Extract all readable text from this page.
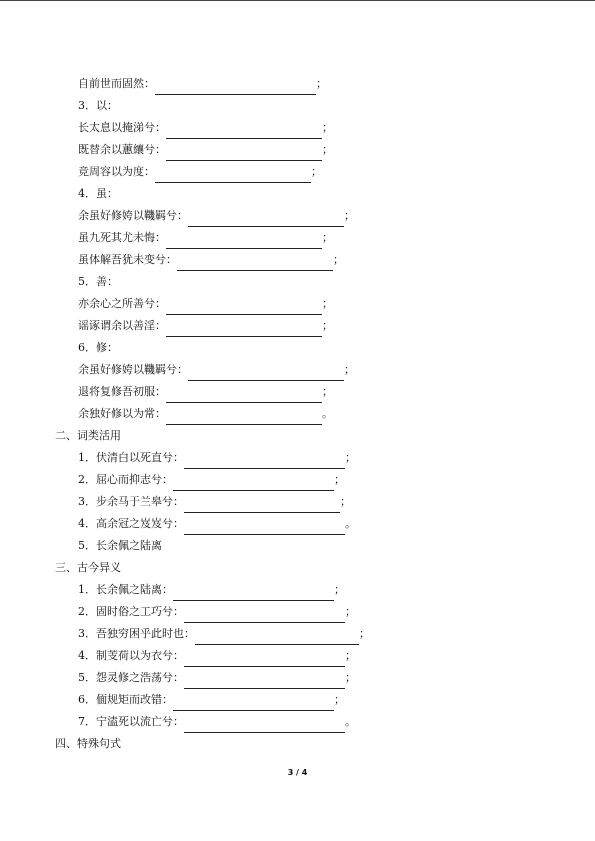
自前世而固然：	；
3．以：
长太息以掩涕兮：	；
既替余以蕙纕兮：	；
竞周容以为度：	；
4．虽：
余虽好修姱以鞿羁兮：	；
虽九死其尤未悔：	；
虽体解吾犹未变兮：	；
5．善：
亦余心之所善兮：	；
谣诼谓余以善淫：	；
6．修：
余虽好修姱以鞿羁兮：	；
退将复修吾初服：	；
余独好修以为常：	。
二、词类活用
1．伏清白以死直兮：	；
2．屈心而抑志兮：	；
3．步余马于兰皋兮：	；
4．高余冠之岌岌兮：	。
5．长余佩之陆离
三、古今异义
1．长余佩之陆离：	；
2．固时俗之工巧兮：	；
3．吾独穷困乎此时也：	；
4．制芰荷以为衣兮：	；
5．怨灵修之浩荡兮：	；
6．偭规矩而改错：	；
7．宁溘死以流亡兮：	。
四、特殊句式
3 / 4
